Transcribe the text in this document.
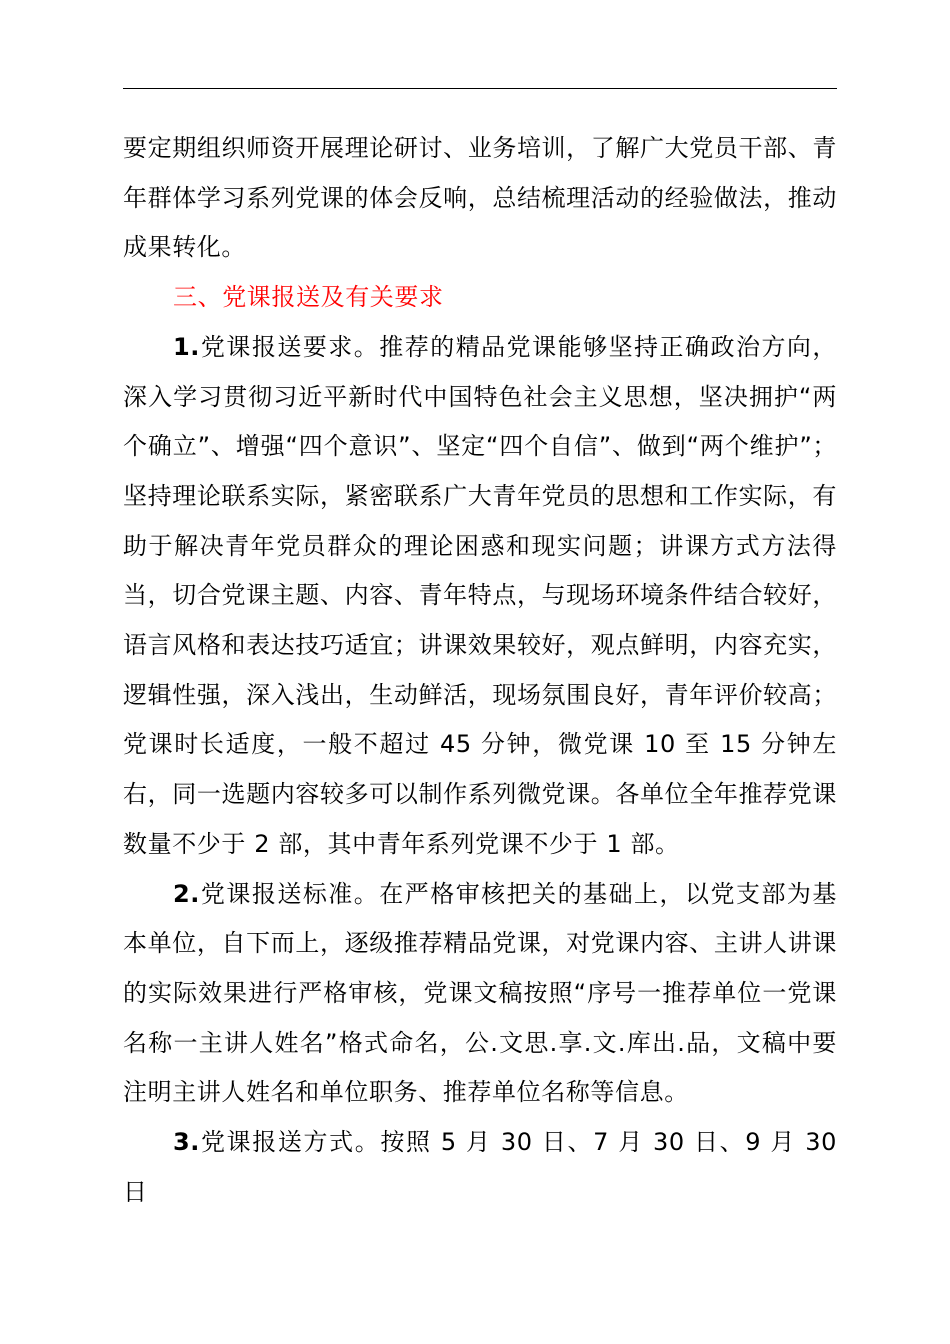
要定期组织师资开展理论研讨、业务培训，了解广大党员干部、青年群体学习系列党课的体会反响，总结梳理活动的经验做法，推动成果转化。

三、党课报送及有关要求

1.党课报送要求。推荐的精品党课能够坚持正确政治方向，深入学习贯彻习近平新时代中国特色社会主义思想，坚决拥护“两个确立”、增强“四个意识”、坚定“四个自信”、做到“两个维护”；坚持理论联系实际，紧密联系广大青年党员的思想和工作实际，有助于解决青年党员群众的理论困惑和现实问题；讲课方式方法得当，切合党课主题、内容、青年特点，与现场环境条件结合较好，语言风格和表达技巧适宜；讲课效果较好，观点鲜明，内容充实，逻辑性强，深入浅出，生动鲜活，现场氛围良好，青年评价较高；党课时长适度，一般不超过 45 分钟，微党课 10 至 15 分钟左右，同一选题内容较多可以制作系列微党课。各单位全年推荐党课数量不少于 2 部，其中青年系列党课不少于 1 部。

2.党课报送标准。在严格审核把关的基础上，以党支部为基本单位，自下而上，逐级推荐精品党课，对党课内容、主讲人讲课的实际效果进行严格审核，党课文稿按照“序号一推荐单位一党课名称一主讲人姓名”格式命名，公.文思.享.文.库出.品，文稿中要注明主讲人姓名和单位职务、推荐单位名称等信息。

3.党课报送方式。按照 5 月 30 日、7 月 30 日、9 月 30 日
